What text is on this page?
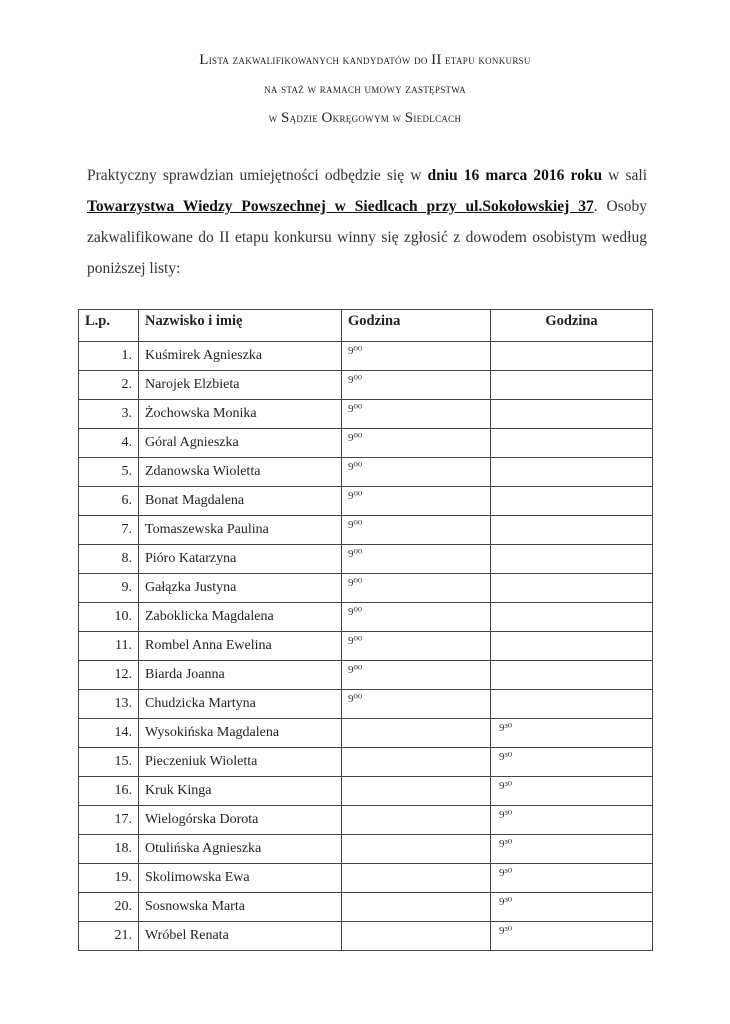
Lista zakwalifikowanych kandydatów do II etapu konkursu
na staż w ramach umowy zastępstwa
w Sądzie Okręgowym w Siedlcach
Praktyczny sprawdzian umiejętności odbędzie się w dniu 16 marca 2016 roku w sali Towarzystwa Wiedzy Powszechnej w Siedlcach przy ul.Sokołowskiej 37. Osoby zakwalifikowane do II etapu konkursu winny się zgłosić z dowodem osobistym według poniższej listy:
L.p.	Nazwisko i imię	Godzina	Godzina
1.	Kuśmirek Agnieszka	9⁰⁰	
2.	Narojek Elzbieta	9⁰⁰	
3.	Żochowska Monika	9⁰⁰	
4.	Góral Agnieszka	9⁰⁰	
5.	Zdanowska Wioletta	9⁰⁰	
6.	Bonat Magdalena	9⁰⁰	
7.	Tomaszewska Paulina	9⁰⁰	
8.	Pióro Katarzyna	9⁰⁰	
9.	Gałązka Justyna	9⁰⁰	
10.	Zaboklicka Magdalena	9⁰⁰	
11.	Rombel Anna Ewelina	9⁰⁰	
12.	Biarda Joanna	9⁰⁰	
13.	Chudzicka Martyna	9⁰⁰	
14.	Wysokińska Magdalena		9³⁰
15.	Pieczeniuk Wioletta		9³⁰
16.	Kruk Kinga		9³⁰
17.	Wielogórska Dorota		9³⁰
18.	Otulińska Agnieszka		9³⁰
19.	Skolimowska Ewa		9³⁰
20.	Sosnowska Marta		9³⁰
21.	Wróbel Renata		9³⁰
